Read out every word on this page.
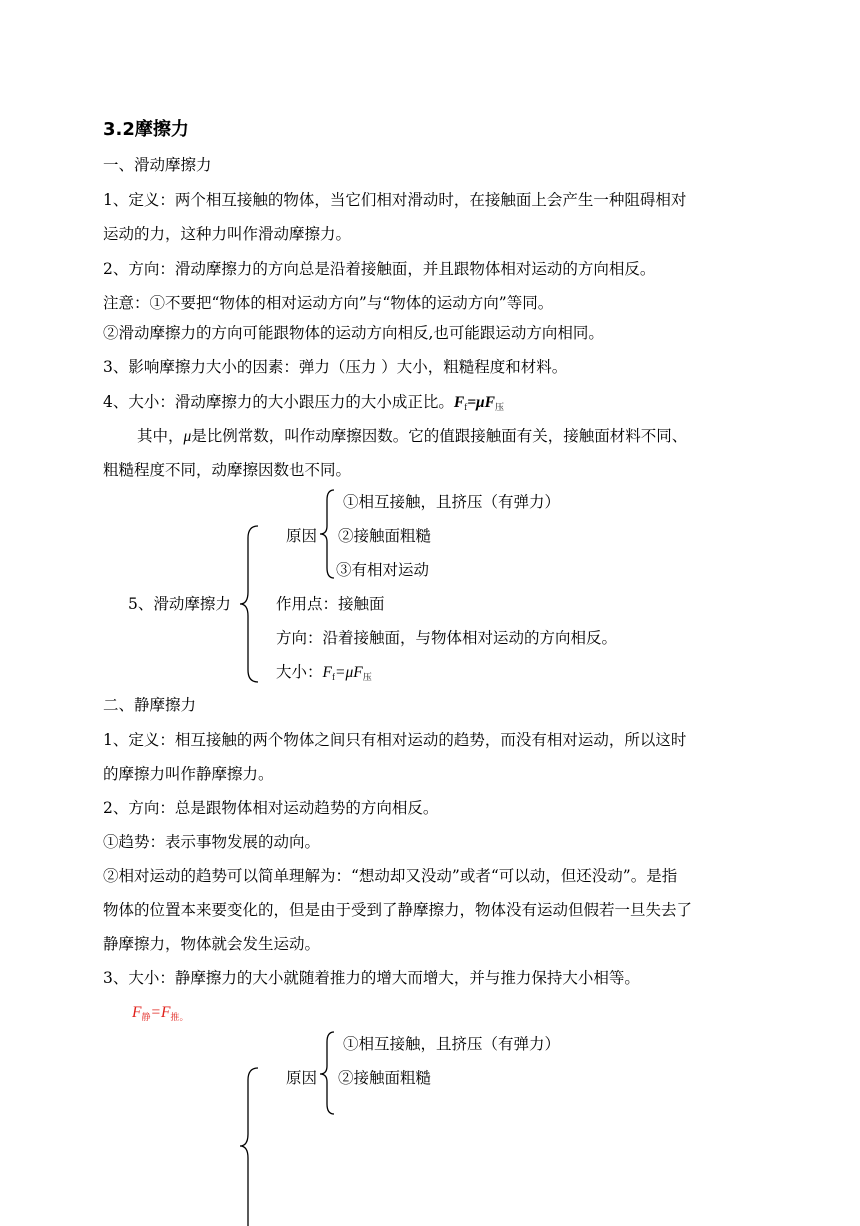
3.2摩擦力
一、滑动摩擦力
1、定义：两个相互接触的物体，当它们相对滑动时，在接触面上会产生一种阻碍相对
运动的力，这种力叫作滑动摩擦力。
2、方向：滑动摩擦力的方向总是沿着接触面，并且跟物体相对运动的方向相反。
注意：①不要把“物体的相对运动方向”与“物体的运动方向”等同。
②滑动摩擦力的方向可能跟物体的运动方向相反,也可能跟运动方向相同。
3、影响摩擦力大小的因素：弹力（压力 ）大小，粗糙程度和材料。
4、大小：滑动摩擦力的大小跟压力的大小成正比。$F_f=\mu F_压$
其中，μ是比例常数，叫作动摩擦因数。它的值跟接触面有关，接触面材料不同、
粗糙程度不同，动摩擦因数也不同。
5、滑动摩擦力
原因
①相互接触，且挤压（有弹力）
②接触面粗糙
③有相对运动
作用点：接触面
方向：沿着接触面，与物体相对运动的方向相反。
大小：$F_f=\mu F_压$
二、静摩擦力
1、定义：相互接触的两个物体之间只有相对运动的趋势，而没有相对运动，所以这时
的摩擦力叫作静摩擦力。
2、方向：总是跟物体相对运动趋势的方向相反。
①趋势：表示事物发展的动向。
②相对运动的趋势可以简单理解为：“想动却又没动”或者“可以动，但还没动”。是指
物体的位置本来要变化的，但是由于受到了静摩擦力，物体没有运动但假若一旦失去了
静摩擦力，物体就会发生运动。
3、大小：静摩擦力的大小就随着推力的增大而增大，并与推力保持大小相等。
$F_静=F_{推。}$
原因
①相互接触，且挤压（有弹力）
②接触面粗糙
